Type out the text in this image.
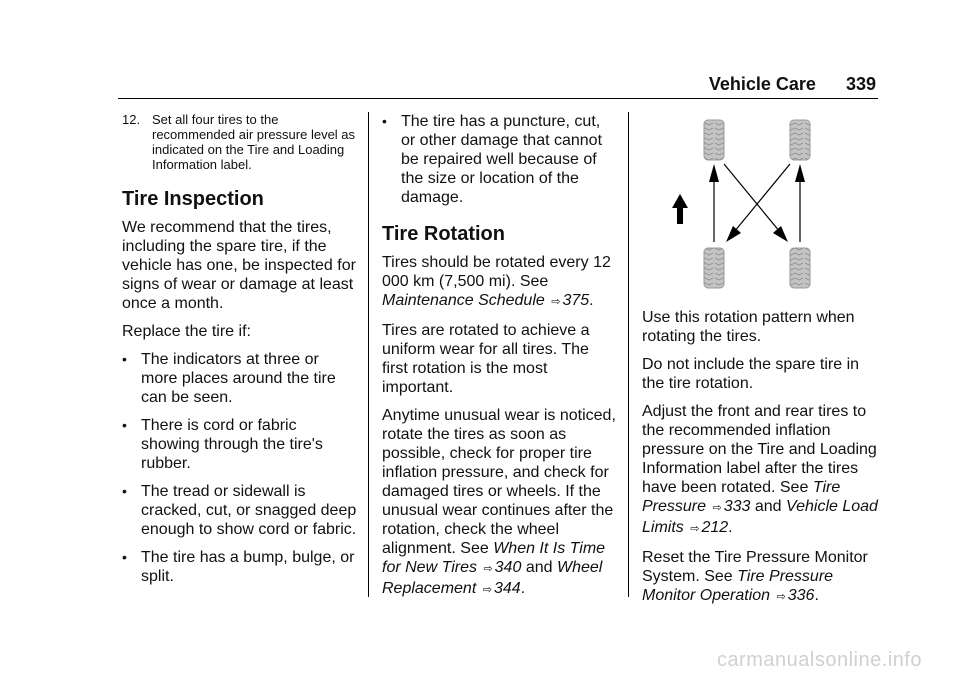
Vehicle Care 339
12. Set all four tires to the recommended air pressure level as indicated on the Tire and Loading Information label.
Tire Inspection

We recommend that the tires, including the spare tire, if the vehicle has one, be inspected for signs of wear or damage at least once a month.

Replace the tire if:

• The indicators at three or more places around the tire can be seen.
• There is cord or fabric showing through the tire's rubber.
• The tread or sidewall is cracked, cut, or snagged deep enough to show cord or fabric.
• The tire has a bump, bulge, or split.
• The tire has a puncture, cut, or other damage that cannot be repaired well because of the size or location of the damage.
Tire Rotation

Tires should be rotated every 12 000 km (7,500 mi). See Maintenance Schedule ⇨ 375.

Tires are rotated to achieve a uniform wear for all tires. The first rotation is the most important.

Anytime unusual wear is noticed, rotate the tires as soon as possible, check for proper tire inflation pressure, and check for damaged tires or wheels. If the unusual wear continues after the rotation, check the wheel alignment. See When It Is Time for New Tires ⇨ 340 and Wheel Replacement ⇨ 344.

Use this rotation pattern when rotating the tires.

Do not include the spare tire in the tire rotation.

Adjust the front and rear tires to the recommended inflation pressure on the Tire and Loading Information label after the tires have been rotated. See Tire Pressure ⇨ 333 and Vehicle Load Limits ⇨ 212.

Reset the Tire Pressure Monitor System. See Tire Pressure Monitor Operation ⇨ 336.

carmanualsonline.info
